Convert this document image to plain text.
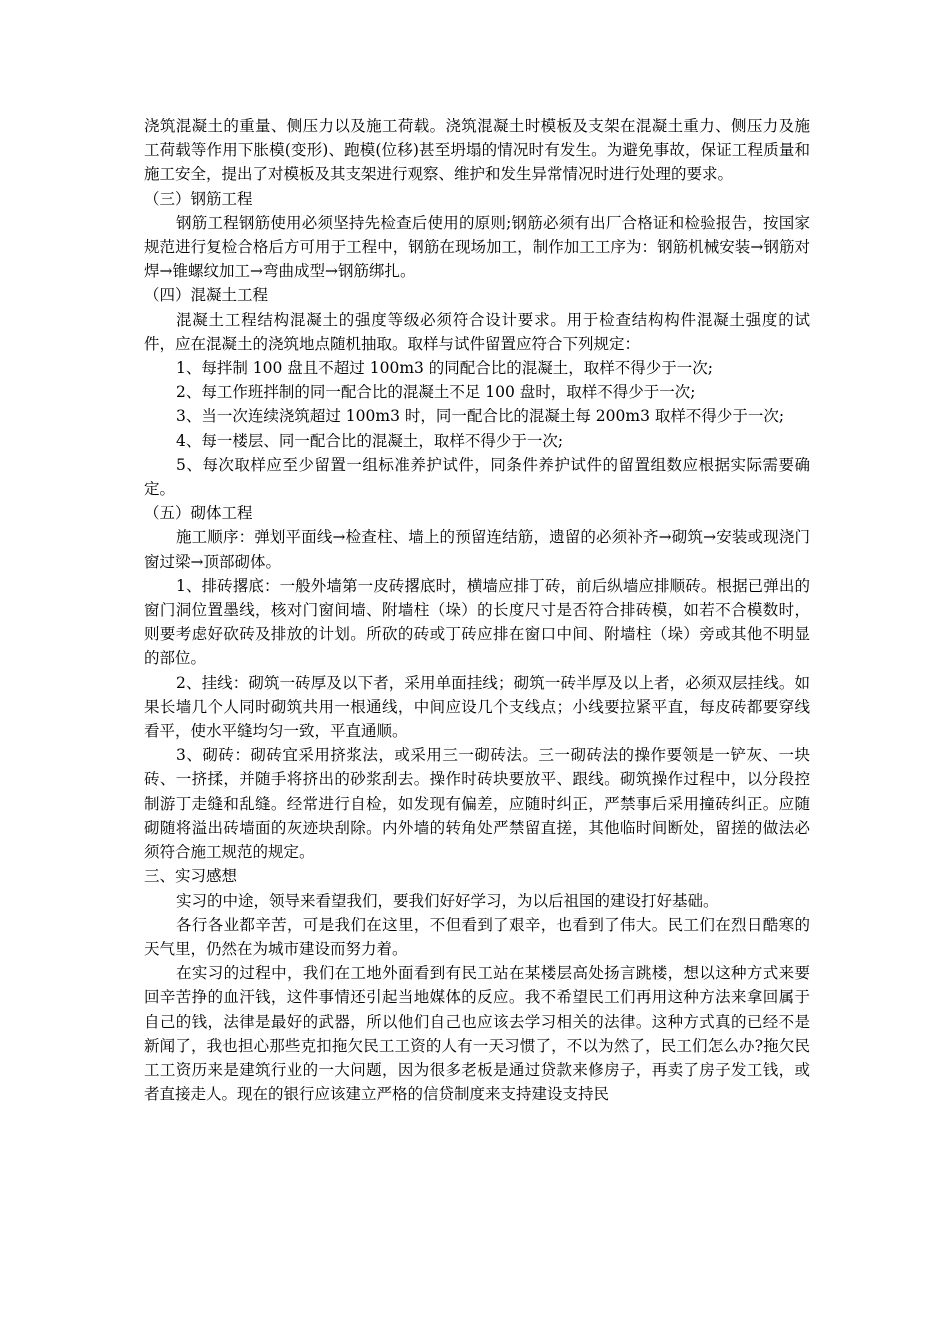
浇筑混凝土的重量、侧压力以及施工荷载。浇筑混凝土时模板及支架在混凝土重力、侧压力及施工荷载等作用下胀模(变形)、跑模(位移)甚至坍塌的情况时有发生。为避免事故，保证工程质量和施工安全，提出了对模板及其支架进行观察、维护和发生异常情况时进行处理的要求。

（三）钢筋工程

钢筋工程钢筋使用必须坚持先检查后使用的原则;钢筋必须有出厂合格证和检验报告，按国家规范进行复检合格后方可用于工程中，钢筋在现场加工，制作加工工序为：钢筋机械安装→钢筋对焊→锥螺纹加工→弯曲成型→钢筋绑扎。

（四）混凝土工程

混凝土工程结构混凝土的强度等级必须符合设计要求。用于检查结构构件混凝土强度的试件，应在混凝土的浇筑地点随机抽取。取样与试件留置应符合下列规定：

1、每拌制 100 盘且不超过 100m3 的同配合比的混凝土，取样不得少于一次;

2、每工作班拌制的同一配合比的混凝土不足 100 盘时，取样不得少于一次;

3、当一次连续浇筑超过 100m3 时，同一配合比的混凝土每 200m3 取样不得少于一次;

4、每一楼层、同一配合比的混凝土，取样不得少于一次;

5、每次取样应至少留置一组标准养护试件，同条件养护试件的留置组数应根据实际需要确定。

（五）砌体工程

施工顺序：弹划平面线→检查柱、墙上的预留连结筋，遗留的必须补齐→砌筑→安装或现浇门窗过梁→顶部砌体。

1、排砖撂底：一般外墙第一皮砖撂底时，横墙应排丁砖，前后纵墙应排顺砖。根据已弹出的窗门洞位置墨线，核对门窗间墙、附墙柱（垛）的长度尺寸是否符合排砖模，如若不合模数时，则要考虑好砍砖及排放的计划。所砍的砖或丁砖应排在窗口中间、附墙柱（垛）旁或其他不明显的部位。

2、挂线：砌筑一砖厚及以下者，采用单面挂线；砌筑一砖半厚及以上者，必须双层挂线。如果长墙几个人同时砌筑共用一根通线，中间应设几个支线点；小线要拉紧平直，每皮砖都要穿线看平，使水平缝均匀一致，平直通顺。

3、砌砖：砌砖宜采用挤浆法，或采用三一砌砖法。三一砌砖法的操作要领是一铲灰、一块砖、一挤揉，并随手将挤出的砂浆刮去。操作时砖块要放平、跟线。砌筑操作过程中，以分段控制游丁走缝和乱缝。经常进行自检，如发现有偏差，应随时纠正，严禁事后采用撞砖纠正。应随砌随将溢出砖墙面的灰迹块刮除。内外墙的转角处严禁留直搓，其他临时间断处，留搓的做法必须符合施工规范的规定。

三、实习感想

实习的中途，领导来看望我们，要我们好好学习，为以后祖国的建设打好基础。

各行各业都辛苦，可是我们在这里，不但看到了艰辛，也看到了伟大。民工们在烈日酷寒的天气里，仍然在为城市建设而努力着。

在实习的过程中，我们在工地外面看到有民工站在某楼层高处扬言跳楼，想以这种方式来要回辛苦挣的血汗钱，这件事情还引起当地媒体的反应。我不希望民工们再用这种方法来拿回属于自己的钱，法律是最好的武器，所以他们自己也应该去学习相关的法律。这种方式真的已经不是新闻了，我也担心那些克扣拖欠民工工资的人有一天习惯了，不以为然了，民工们怎么办?拖欠民工工资历来是建筑行业的一大问题，因为很多老板是通过贷款来修房子，再卖了房子发工钱，或者直接走人。现在的银行应该建立严格的信贷制度来支持建设支持民
